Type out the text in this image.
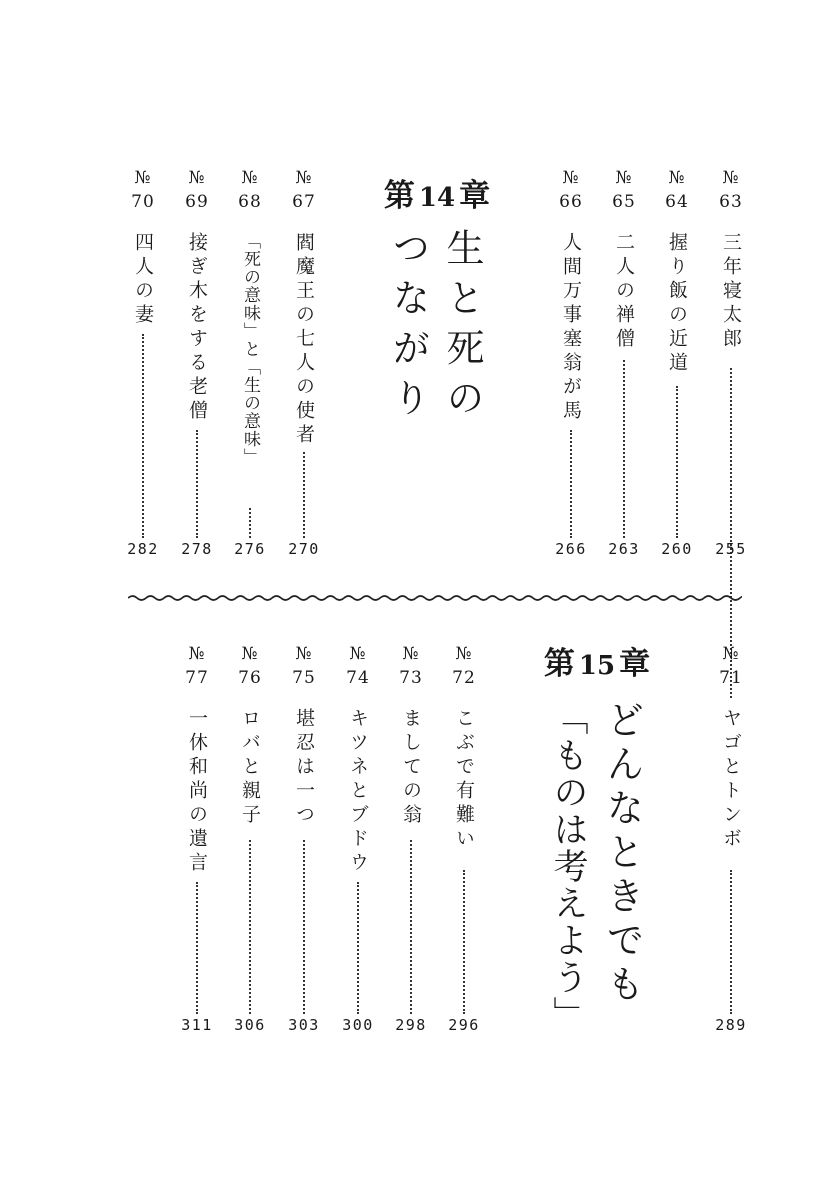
第 14 章
生と死の
つながり
№
63
三年寝太郎
255
№
64
握り飯の近道
260
№
65
二人の禅僧
263
№
66
人間万事塞翁が馬
266
№
67
閻魔王の七人の使者
270
№
68
「死の意味」と「生の意味」
276
№
69
接ぎ木をする老僧
278
№
70
四人の妻
282
第 15 章
どんなときでも
「ものは考えよう」
№
71
ヤゴとトンボ
289
№
72
こぶで有難い
296
№
73
ましての翁
298
№
74
キツネとブドウ
300
№
75
堪忍は一つ
303
№
76
ロバと親子
306
№
77
一休和尚の遺言
311
